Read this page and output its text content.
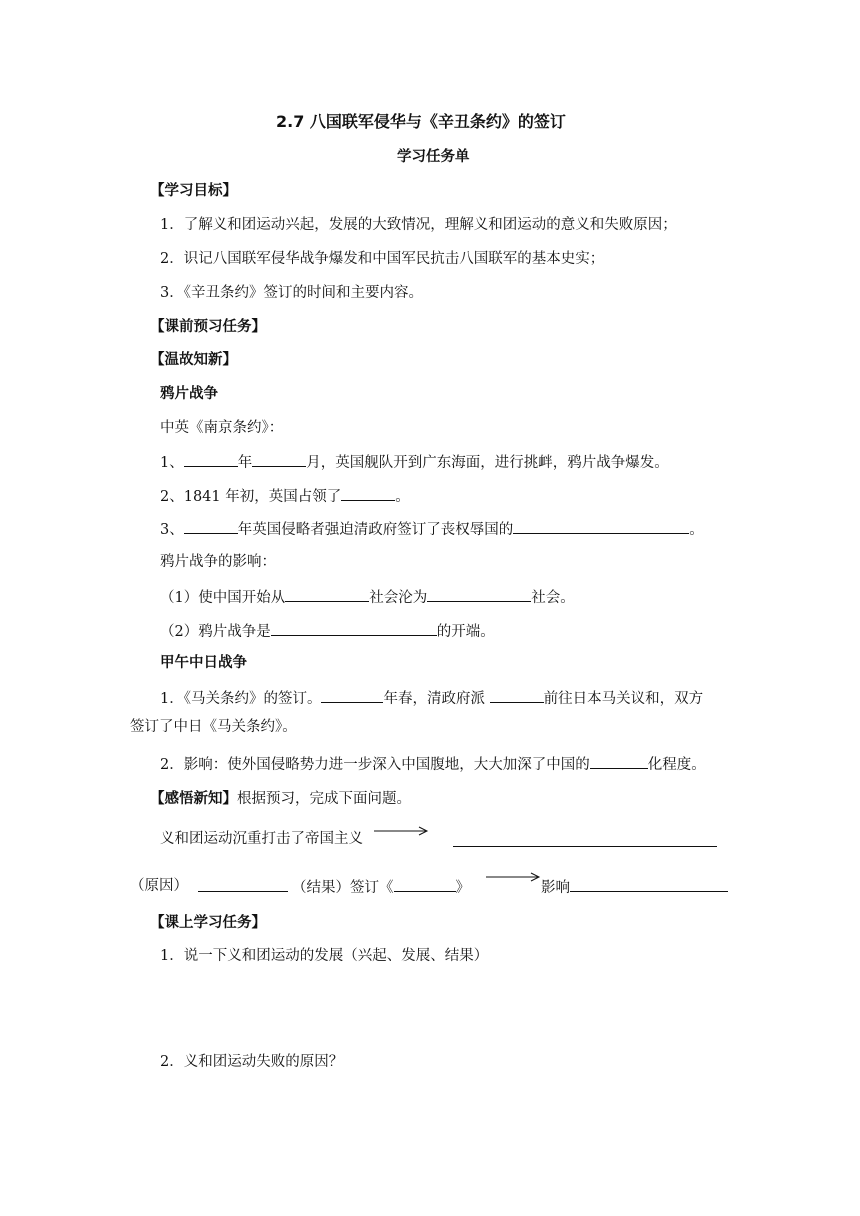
2.7 八国联军侵华与《辛丑条约》的签订
学习任务单
【学习目标】
1．了解义和团运动兴起，发展的大致情况，理解义和团运动的意义和失败原因；
2．识记八国联军侵华战争爆发和中国军民抗击八国联军的基本史实；
3．《辛丑条约》签订的时间和主要内容。
【课前预习任务】
【温故知新】
鸦片战争
中英《南京条约》：
1、	年	月，英国舰队开到广东海面，进行挑衅，鸦片战争爆发。
2、1841 年初，英国占领了	。
3、	年英国侵略者强迫清政府签订了丧权辱国的	。
鸦片战争的影响：
（1）使中国开始从	社会沦为	社会。
（2）鸦片战争是	的开端。
甲午中日战争
1．《马关条约》的签订。	年春，清政府派	前往日本马关议和，双方
签订了中日《马关条约》。
2．影响：使外国侵略势力进一步深入中国腹地，大大加深了中国的	化程度。
【感悟新知】根据预习，完成下面问题。
义和团运动沉重打击了帝国主义
（原因）	（结果）签订《	》	影响
【课上学习任务】
1．说一下义和团运动的发展（兴起、发展、结果）
2．义和团运动失败的原因？
